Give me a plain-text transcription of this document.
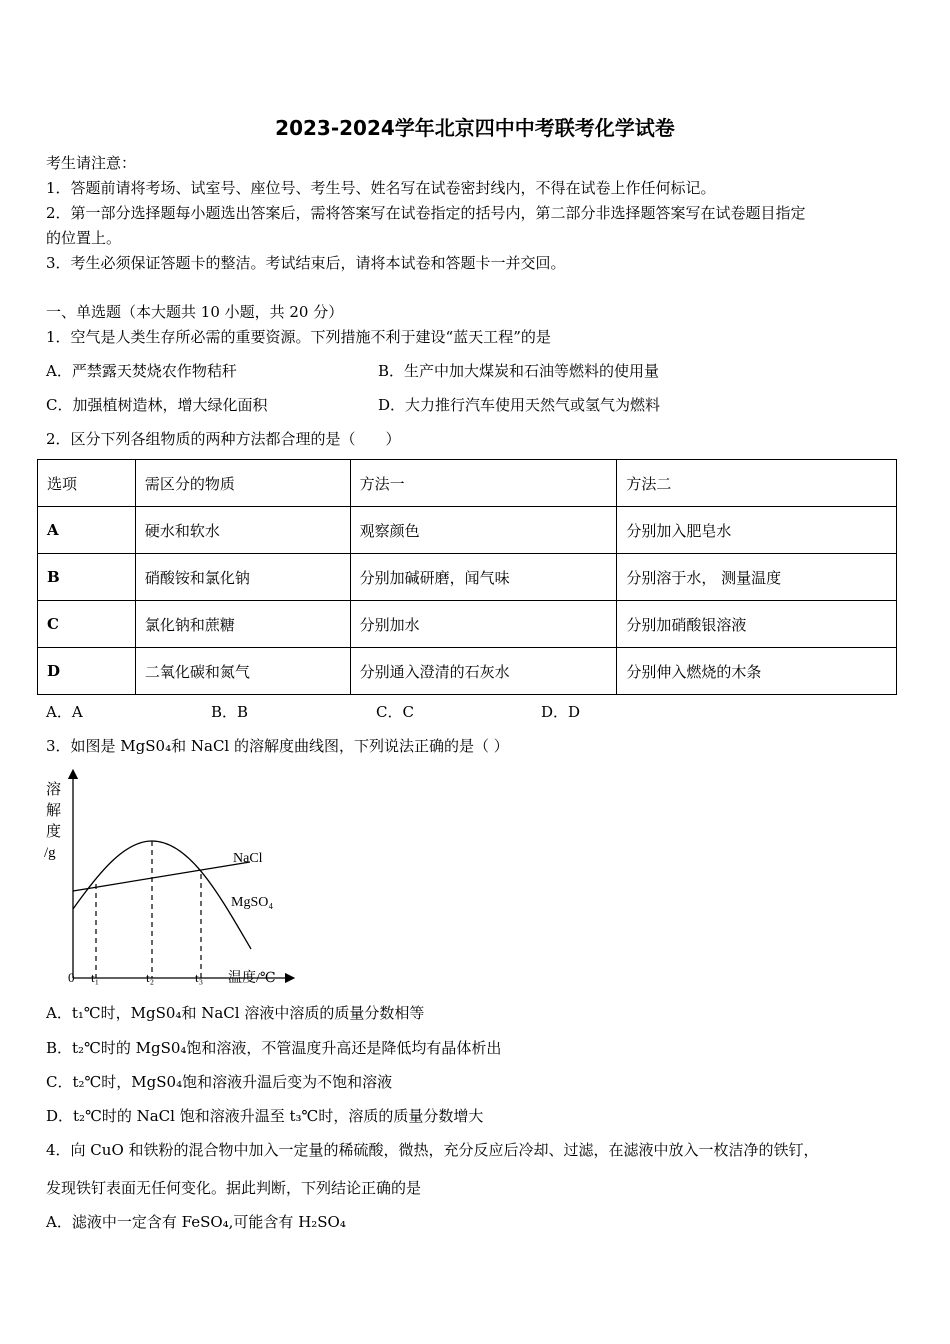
2023-2024学年北京四中中考联考化学试卷
考生请注意：
1．答题前请将考场、试室号、座位号、考生号、姓名写在试卷密封线内，不得在试卷上作任何标记。
2．第一部分选择题每小题选出答案后，需将答案写在试卷指定的括号内，第二部分非选择题答案写在试卷题目指定
的位置上。
3．考生必须保证答题卡的整洁。考试结束后，请将本试卷和答题卡一并交回。
一、单选题（本大题共 10 小题，共 20 分）
1．空气是人类生存所必需的重要资源。下列措施不利于建设“蓝天工程”的是
A．严禁露天焚烧农作物秸秆	B．生产中加大煤炭和石油等燃料的使用量
C．加强植树造林，增大绿化面积	D．大力推行汽车使用天然气或氢气为燃料
2．区分下列各组物质的两种方法都合理的是（　　）
选项	需区分的物质	方法一	方法二
A	硬水和软水	观察颜色	分别加入肥皂水
B	硝酸铵和氯化钠	分别加碱研磨，闻气味	分别溶于水， 测量温度
C	氯化钠和蔗糖	分别加水	分别加硝酸银溶液
D	二氧化碳和氮气	分别通入澄清的石灰水	分别伸入燃烧的木条
A．A	B．B	C．C	D．D
3．如图是 MgS0₄和 NaCl 的溶解度曲线图，下列说法正确的是（ ）
溶
解
度
/g	NaCl
MgSO₄
0 t₁	t₂	t₃ 温度/℃
A．t₁℃时，MgS0₄和 NaCl 溶液中溶质的质量分数相等
B．t₂℃时的 MgS0₄饱和溶液，不管温度升高还是降低均有晶体析出
C．t₂℃时，MgS0₄饱和溶液升温后变为不饱和溶液
D．t₂℃时的 NaCl 饱和溶液升温至 t₃℃时，溶质的质量分数增大
4．向 CuO 和铁粉的混合物中加入一定量的稀硫酸，微热，充分反应后冷却、过滤，在滤液中放入一枚洁净的铁钉，
发现铁钉表面无任何变化。据此判断，下列结论正确的是
A．滤液中一定含有 FeSO₄,可能含有 H₂SO₄
